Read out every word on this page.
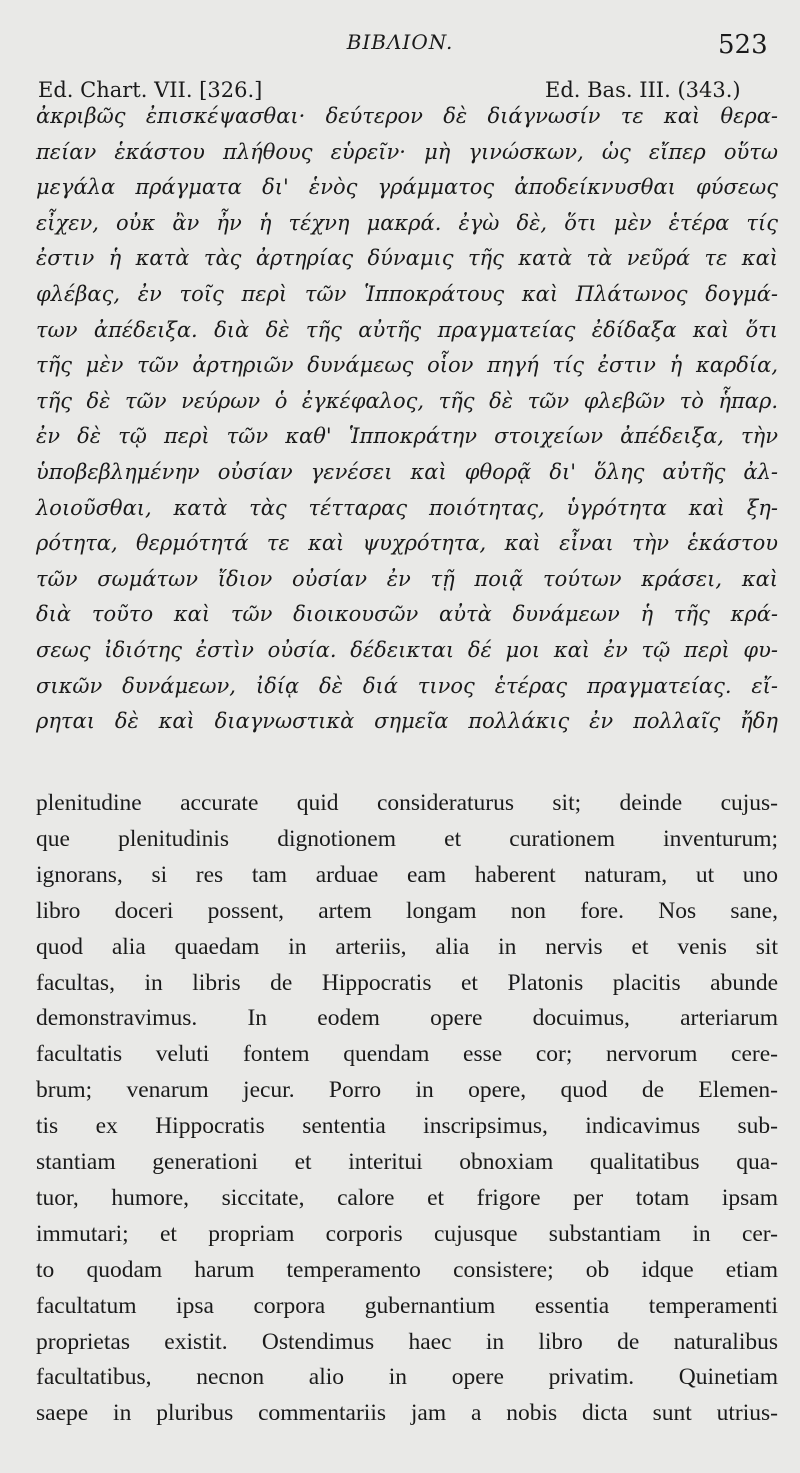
BIBΛION.	523
Ed. Chart. VII. [326.]	Ed. Bas. III. (343.)
ἀκριβῶς ἐπισκέψασθαι· δεύτερον δὲ διάγνωσίν τε καὶ θερα-
πείαν ἑκάστου πλήθους εὑρεῖν· μὴ γινώσκων, ὡς εἴπερ οὕτω
μεγάλα πράγματα δι' ἑνὸς γράμματος ἀποδείκνυσθαι φύσεως
εἶχεν, οὐκ ἂν ἦν ἡ τέχνη μακρά. ἐγὼ δὲ, ὅτι μὲν ἑτέρα τίς
ἐστιν ἡ κατὰ τὰς ἀρτηρίας δύναμις τῆς κατὰ τὰ νεῦρά τε καὶ
φλέβας, ἐν τοῖς περὶ τῶν Ἱπποκράτους καὶ Πλάτωνος δογμά-
των ἀπέδειξα. διὰ δὲ τῆς αὐτῆς πραγματείας ἐδίδαξα καὶ ὅτι
τῆς μὲν τῶν ἀρτηριῶν δυνάμεως οἷον πηγή τίς ἐστιν ἡ καρδία,
τῆς δὲ τῶν νεύρων ὁ ἐγκέφαλος, τῆς δὲ τῶν φλεβῶν τὸ ἧπαρ.
ἐν δὲ τῷ περὶ τῶν καθ' Ἱπποκράτην στοιχείων ἀπέδειξα, τὴν
ὑποβεβλημένην οὐσίαν γενέσει καὶ φθορᾷ δι' ὅλης αὐτῆς ἀλ-
λοιοῦσθαι, κατὰ τὰς τέτταρας ποιότητας, ὑγρότητα καὶ ξη-
ρότητα, θερμότητά τε καὶ ψυχρότητα, καὶ εἶναι τὴν ἑκάστου
τῶν σωμάτων ἴδιον οὐσίαν ἐν τῇ ποιᾷ τούτων κράσει, καὶ
διὰ τοῦτο καὶ τῶν διοικουσῶν αὐτὰ δυνάμεων ἡ τῆς κρά-
σεως ἰδιότης ἐστὶν οὐσία. δέδεικται δέ μοι καὶ ἐν τῷ περὶ φυ-
σικῶν δυνάμεων, ἰδίᾳ δὲ διά τινος ἑτέρας πραγματείας. εἴ-
ρηται δὲ καὶ διαγνωστικὰ σημεῖα πολλάκις ἐν πολλαῖς ἤδη
plenitudine accurate quid consideraturus sit; deinde cujus-
que plenitudinis dignotionem et curationem inventurum;
ignorans, si res tam arduae eam haberent naturam, ut uno
libro doceri possent, artem longam non fore. Nos sane,
quod alia quaedam in arteriis, alia in nervis et venis sit
facultas, in libris de Hippocratis et Platonis placitis abunde
demonstravimus. In eodem opere docuimus, arteriarum
facultatis veluti fontem quendam esse cor; nervorum cere-
brum; venarum jecur. Porro in opere, quod de Elemen-
tis ex Hippocratis sententia inscripsimus, indicavimus sub-
stantiam generationi et interitui obnoxiam qualitatibus qua-
tuor, humore, siccitate, calore et frigore per totam ipsam
immutari; et propriam corporis cujusque substantiam in cer-
to quodam harum temperamento consistere; ob idque etiam
facultatum ipsa corpora gubernantium essentia temperamenti
proprietas existit. Ostendimus haec in libro de naturalibus
facultatibus, necnon alio in opere privatim. Quinetiam
saepe in pluribus commentariis jam a nobis dicta sunt utrius-
